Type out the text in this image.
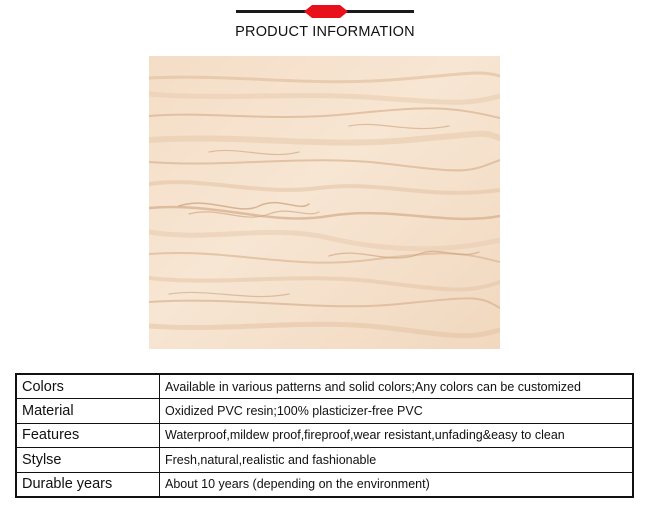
PRODUCT INFORMATION
Colors	Available in various patterns and solid colors;Any colors can be customized
Material	Oxidized PVC resin;100% plasticizer-free PVC
Features	Waterproof,mildew proof,fireproof,wear resistant,unfading&easy to clean
Stylse	Fresh,natural,realistic and fashionable
Durable years	About 10 years (depending on the environment)
